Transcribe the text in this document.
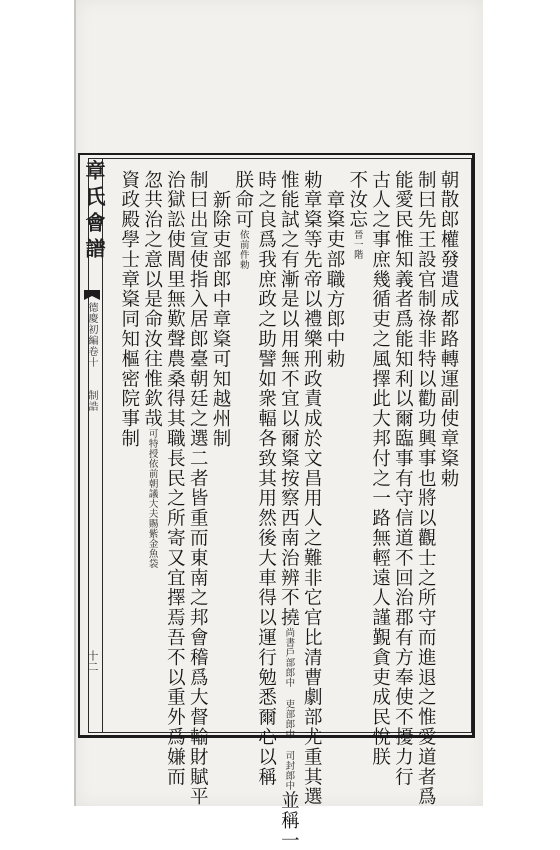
章氏會譜
德慶初編卷十
制誥
十二
朝散郎權發遣成都路轉運副使章楶勅
制曰先王設官制祿非特以勸功興事也將以觀士之所守而進退之惟愛道者爲
能愛民惟知義者爲能知利以爾臨事有守信道不回治郡有方奉使不擾力行
古人之事庶幾循吏之風擇此大邦付之一路無輕遠人謹覲貪吏成民悅朕
不汝忘晉一階
章楶吏部職方郎中勅
勅章楶等先帝以禮樂刑政責成於文昌用人之難非它官比清曹劇部尤重其選
惟能試之有漸是以用無不宜以爾楶按察西南治辨不撓尚書戶部郎中 吏部郎中 司封郎中並稱一
時之良爲我庶政之助譬如衆輻各致其用然後大車得以運行勉悉爾心以稱
朕命可依前件勅
新除吏部郎中章楶可知越州制
制曰出宣使指入居郎臺朝廷之選二者皆重而東南之邦會稽爲大督輸財賦平
治獄訟使閭里無歎聲農桑得其職長民之所寄又宜擇焉吾不以重外爲嫌而
忽共治之意以是命汝往惟欽哉可特授依前朝議大夫賜紫金魚袋
資政殿學士章楶同知樞密院事制
